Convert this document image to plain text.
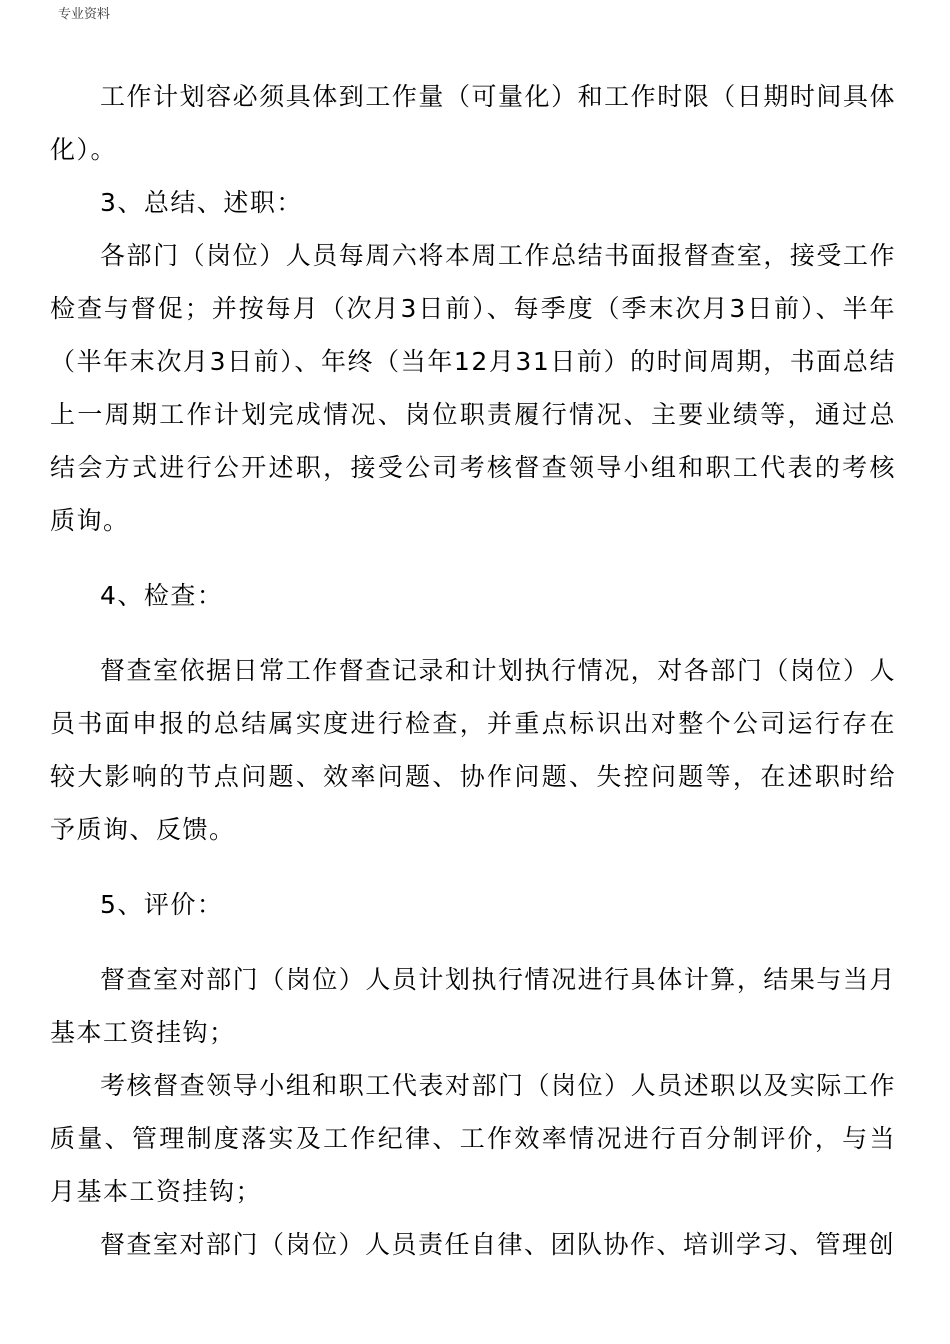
专业资料

工作计划容必须具体到工作量（可量化）和工作时限（日期时间具体化）。

3、总结、述职：

各部门（岗位）人员每周六将本周工作总结书面报督查室，接受工作检查与督促；并按每月（次月3日前）、每季度（季末次月3日前）、半年（半年末次月3日前）、年终（当年12月31日前）的时间周期，书面总结上一周期工作计划完成情况、岗位职责履行情况、主要业绩等，通过总结会方式进行公开述职，接受公司考核督查领导小组和职工代表的考核质询。

4、检查：

督查室依据日常工作督查记录和计划执行情况，对各部门（岗位）人员书面申报的总结属实度进行检查，并重点标识出对整个公司运行存在较大影响的节点问题、效率问题、协作问题、失控问题等，在述职时给予质询、反馈。

5、评价：

督查室对部门（岗位）人员计划执行情况进行具体计算，结果与当月基本工资挂钩；

考核督查领导小组和职工代表对部门（岗位）人员述职以及实际工作质量、管理制度落实及工作纪律、工作效率情况进行百分制评价，与当月基本工资挂钩；

督查室对部门（岗位）人员责任自律、团队协作、培训学习、管理创
